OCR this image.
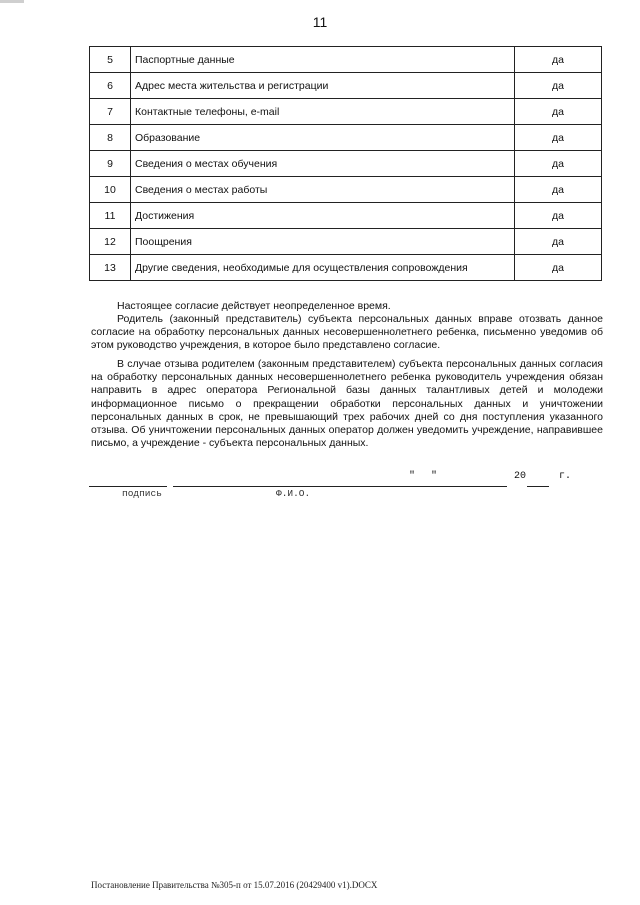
11
5	Паспортные данные	да
6	Адрес места жительства и регистрации	да
7	Контактные телефоны, e-mail	да
8	Образование	да
9	Сведения о местах обучения	да
10	Сведения о местах работы	да
11	Достижения	да
12	Поощрения	да
13	Другие сведения, необходимые для осуществления сопровождения	да
Настоящее согласие действует неопределенное время.
Родитель (законный представитель) субъекта персональных данных вправе отозвать данное согласие на обработку персональных данных несовершеннолетнего ребенка, письменно уведомив об этом руководство учреждения, в которое было представлено согласие.
В случае отзыва родителем (законным представителем) субъекта персональных данных согласия на обработку персональных данных несовершеннолетнего ребенка руководитель учреждения обязан направить в адрес оператора Региональной базы данных талантливых детей и молодежи информационное письмо о прекращении обработки персональных данных и уничтожении персональных данных в срок, не превышающий трех рабочих дней со дня поступления указанного отзыва. Об уничтожении персональных данных оператор должен уведомить учреждение, направившее письмо, а учреждение - субъекта персональных данных.
" "	20	г.
подпись	Ф.И.О.
Постановление Правительства №305-п от 15.07.2016 (20429400 v1).DOCX
